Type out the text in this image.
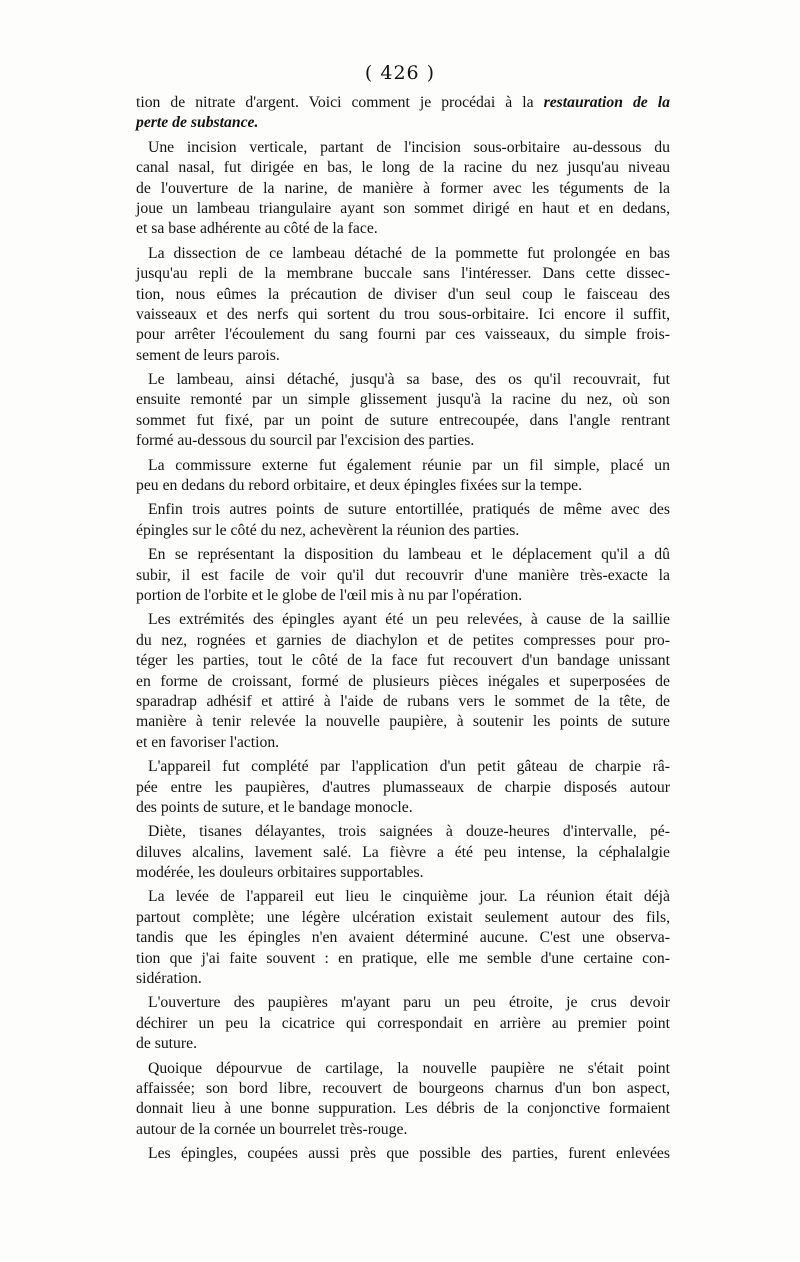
( 426 )
tion de nitrate d'argent. Voici comment je procédai à la restauration de la
perte de substance.
Une incision verticale, partant de l'incision sous-orbitaire au-dessous du
canal nasal, fut dirigée en bas, le long de la racine du nez jusqu'au niveau
de l'ouverture de la narine, de manière à former avec les téguments de la
joue un lambeau triangulaire ayant son sommet dirigé en haut et en dedans,
et sa base adhérente au côté de la face.
La dissection de ce lambeau détaché de la pommette fut prolongée en bas
jusqu'au repli de la membrane buccale sans l'intéresser. Dans cette dissec-
tion, nous eûmes la précaution de diviser d'un seul coup le faisceau des
vaisseaux et des nerfs qui sortent du trou sous-orbitaire. Ici encore il suffit,
pour arrêter l'écoulement du sang fourni par ces vaisseaux, du simple frois-
sement de leurs parois.
Le lambeau, ainsi détaché, jusqu'à sa base, des os qu'il recouvrait, fut
ensuite remonté par un simple glissement jusqu'à la racine du nez, où son
sommet fut fixé, par un point de suture entrecoupée, dans l'angle rentrant
formé au-dessous du sourcil par l'excision des parties.
La commissure externe fut également réunie par un fil simple, placé un
peu en dedans du rebord orbitaire, et deux épingles fixées sur la tempe.
Enfin trois autres points de suture entortillée, pratiqués de même avec des
épingles sur le côté du nez, achevèrent la réunion des parties.
En se représentant la disposition du lambeau et le déplacement qu'il a dû
subir, il est facile de voir qu'il dut recouvrir d'une manière très-exacte la
portion de l'orbite et le globe de l'œil mis à nu par l'opération.
Les extrémités des épingles ayant été un peu relevées, à cause de la saillie
du nez, rognées et garnies de diachylon et de petites compresses pour pro-
téger les parties, tout le côté de la face fut recouvert d'un bandage unissant
en forme de croissant, formé de plusieurs pièces inégales et superposées de
sparadrap adhésif et attiré à l'aide de rubans vers le sommet de la tête, de
manière à tenir relevée la nouvelle paupière, à soutenir les points de suture
et en favoriser l'action.
L'appareil fut complété par l'application d'un petit gâteau de charpie râ-
pée entre les paupières, d'autres plumasseaux de charpie disposés autour
des points de suture, et le bandage monocle.
Diète, tisanes délayantes, trois saignées à douze-heures d'intervalle, pé-
diluves alcalins, lavement salé. La fièvre a été peu intense, la céphalalgie
modérée, les douleurs orbitaires supportables.
La levée de l'appareil eut lieu le cinquième jour. La réunion était déjà
partout complète; une légère ulcération existait seulement autour des fils,
tandis que les épingles n'en avaient déterminé aucune. C'est une observa-
tion que j'ai faite souvent : en pratique, elle me semble d'une certaine con-
sidération.
L'ouverture des paupières m'ayant paru un peu étroite, je crus devoir
déchirer un peu la cicatrice qui correspondait en arrière au premier point
de suture.
Quoique dépourvue de cartilage, la nouvelle paupière ne s'était point
affaissée; son bord libre, recouvert de bourgeons charnus d'un bon aspect,
donnait lieu à une bonne suppuration. Les débris de la conjonctive formaient
autour de la cornée un bourrelet très-rouge.
Les épingles, coupées aussi près que possible des parties, furent enlevées
